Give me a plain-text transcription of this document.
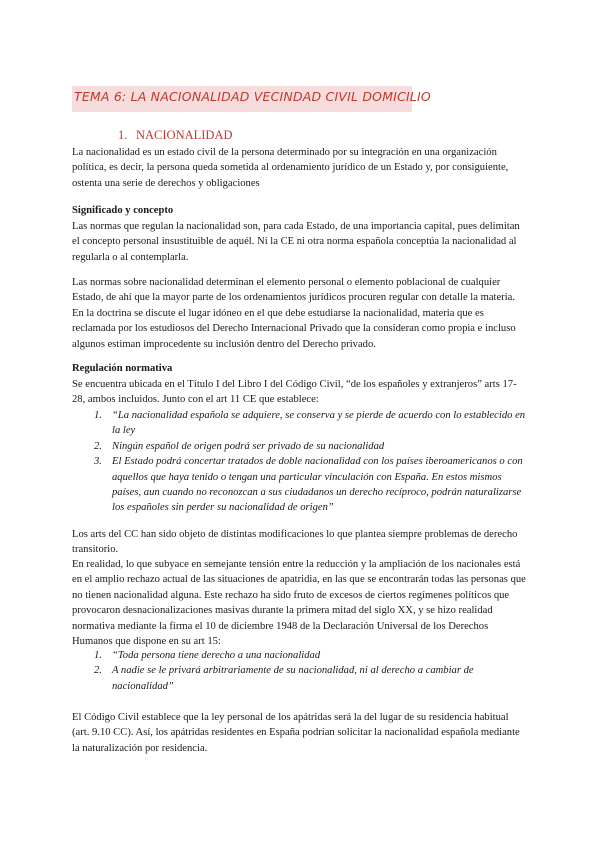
TEMA 6: LA NACIONALIDAD VECINDAD CIVIL DOMICILIO
1. NACIONALIDAD

La nacionalidad es un estado civil de la persona determinado por su integración en una organización política, es decir, la persona queda sometida al ordenamiento jurídico de un Estado y, por consiguiente, ostenta una serie de derechos y obligaciones

Significado y concepto

Las normas que regulan la nacionalidad son, para cada Estado, de una importancia capital, pues delimitan el concepto personal insustituible de aquél. Ni la CE ni otra norma española conceptúa la nacionalidad al regularla o al contemplarla.

Las normas sobre nacionalidad determinan el elemento personal o elemento poblacional de cualquier Estado, de ahí que la mayor parte de los ordenamientos jurídicos procuren regular con detalle la materia. En la doctrina se discute el lugar idóneo en el que debe estudiarse la nacionalidad, materia que es reclamada por los estudiosos del Derecho Internacional Privado que la consideran como propia e incluso algunos estiman improcedente su inclusión dentro del Derecho privado.

Regulación normativa

Se encuentra ubicada en el Título I del Libro I del Código Civil, “de los españoles y extranjeros” arts 17-28, ambos incluidos. Junto con el art 11 CE que establece:

1. “La nacionalidad española se adquiere, se conserva y se pierde de acuerdo con lo establecido en la ley
2. Ningún español de origen podrá ser privado de su nacionalidad
3. El Estado podrá concertar tratados de doble nacionalidad con los países iberoamericanos o con aquellos que haya tenido o tengan una particular vinculación con España. En estos mismos países, aun cuando no reconozcan a sus ciudadanos un derecho recíproco, podrán naturalizarse los españoles sin perder su nacionalidad de origen”

Los arts del CC han sido objeto de distintas modificaciones lo que plantea siempre problemas de derecho transitorio.

En realidad, lo que subyace en semejante tensión entre la reducción y la ampliación de los nacionales está en el amplio rechazo actual de las situaciones de apatridia, en las que se encontrarán todas las personas que no tienen nacionalidad alguna. Este rechazo ha sido fruto de excesos de ciertos regímenes políticos que provocaron desnacionalizaciones masivas durante la primera mitad del siglo XX, y se hizo realidad normativa mediante la firma el 10 de diciembre 1948 de la Declaración Universal de los Derechos Humanos que dispone en su art 15:

1. “Toda persona tiene derecho a una nacionalidad
2. A nadie se le privará arbitrariamente de su nacionalidad, ni al derecho a cambiar de nacionalidad”

El Código Civil establece que la ley personal de los apátridas será la del lugar de su residencia habitual (art. 9.10 CC). Así, los apátridas residentes en España podrían solicitar la nacionalidad española mediante la naturalización por residencia.
